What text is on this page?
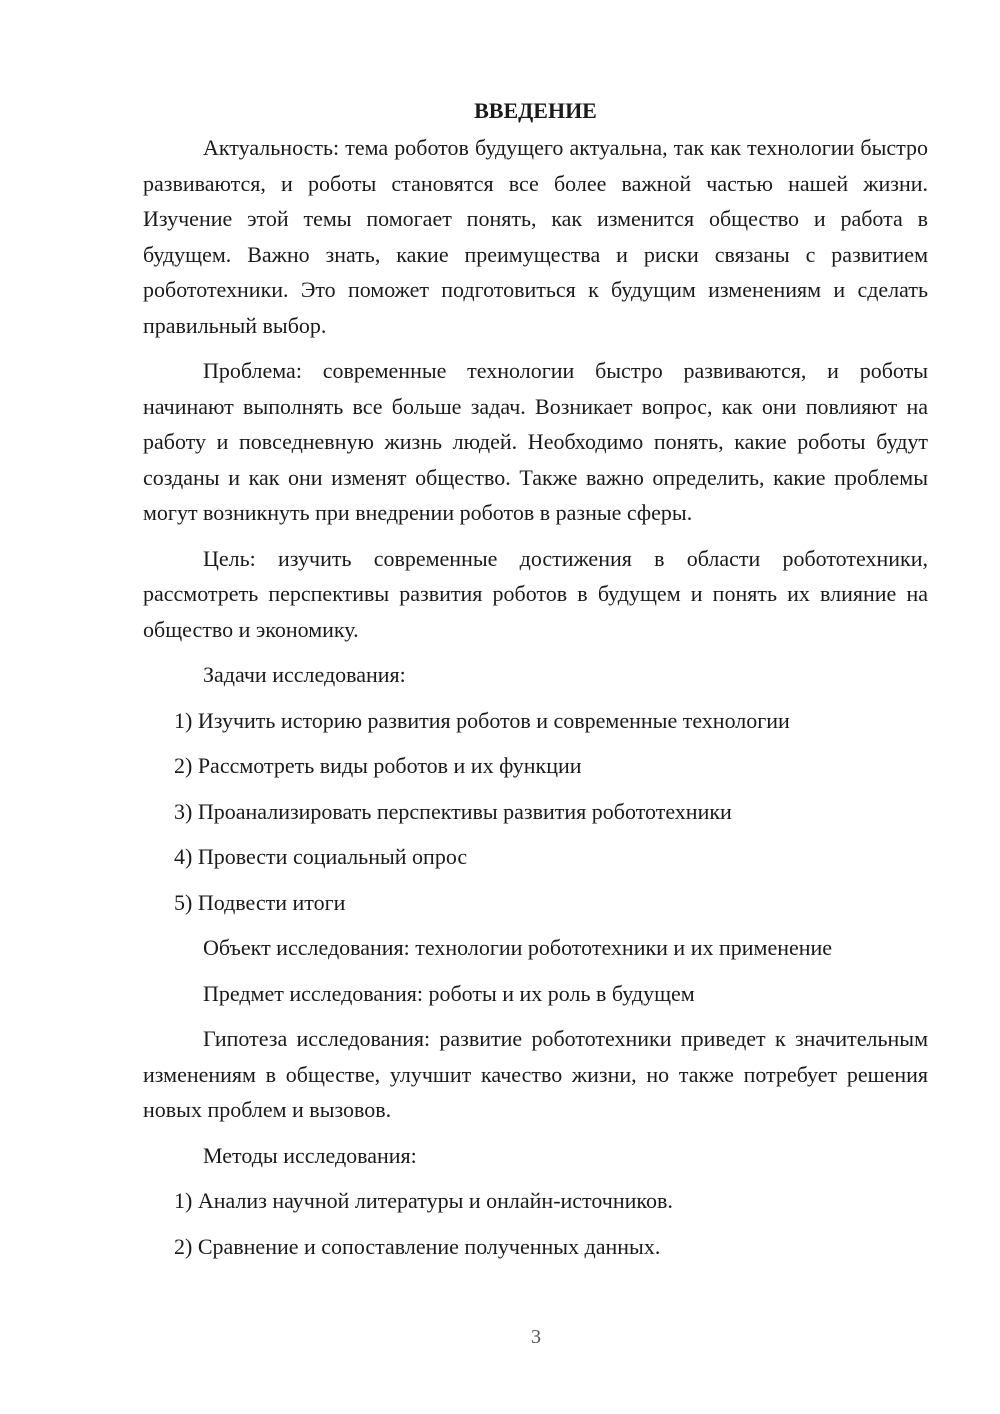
ВВЕДЕНИЕ
Актуальность: тема роботов будущего актуальна, так как технологии быстро развиваются, и роботы становятся все более важной частью нашей жизни. Изучение этой темы помогает понять, как изменится общество и работа в будущем. Важно знать, какие преимущества и риски связаны с развитием робототехники. Это поможет подготовиться к будущим изменениям и сделать правильный выбор.
Проблема: современные технологии быстро развиваются, и роботы начинают выполнять все больше задач. Возникает вопрос, как они повлияют на работу и повседневную жизнь людей. Необходимо понять, какие роботы будут созданы и как они изменят общество. Также важно определить, какие проблемы могут возникнуть при внедрении роботов в разные сферы.
Цель: изучить современные достижения в области робототехники, рассмотреть перспективы развития роботов в будущем и понять их влияние на общество и экономику.
Задачи исследования:
1) Изучить историю развития роботов и современные технологии
2) Рассмотреть виды роботов и их функции
3) Проанализировать перспективы развития робототехники
4) Провести социальный опрос
5) Подвести итоги
Объект исследования: технологии робототехники и их применение
Предмет исследования: роботы и их роль в будущем
Гипотеза исследования: развитие робототехники приведет к значительным изменениям в обществе, улучшит качество жизни, но также потребует решения новых проблем и вызовов.
Методы исследования:
1) Анализ научной литературы и онлайн-источников.
2) Сравнение и сопоставление полученных данных.
3
